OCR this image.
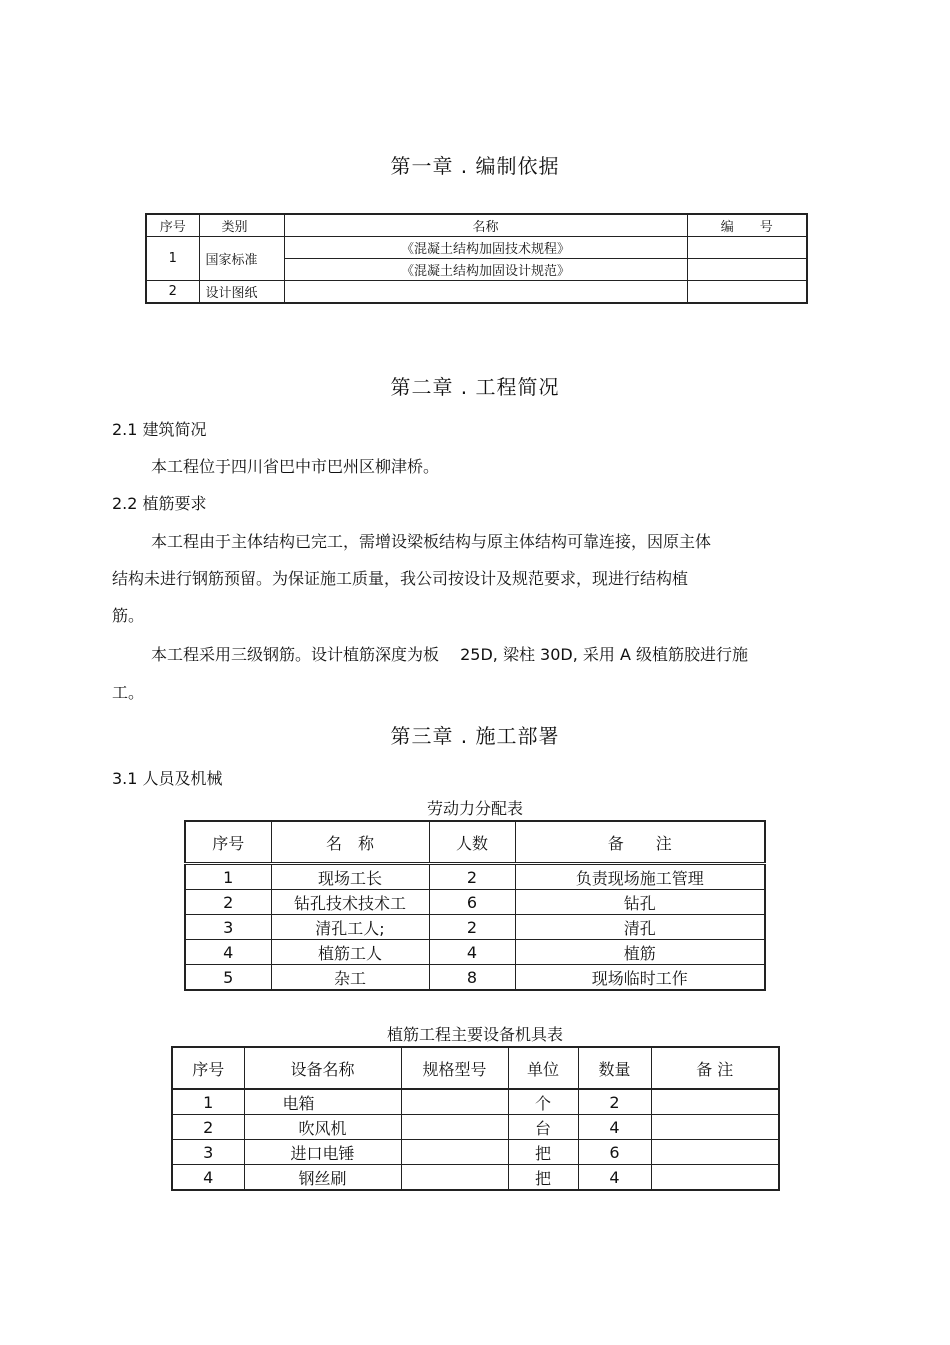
第一章 . 编制依据
序号	类别	名称	编　　号
1	国家标准	《混凝土结构加固技术规程》	
		《混凝土结构加固设计规范》	
2	设计图纸		
第二章 . 工程简况
2.1 建筑简况
本工程位于四川省巴中市巴州区柳津桥。
2.2 植筋要求
本工程由于主体结构已完工，需增设梁板结构与原主体结构可靠连接，因原主体
结构未进行钢筋预留。为保证施工质量，我公司按设计及规范要求，现进行结构植
筋。
本工程采用三级钢筋。设计植筋深度为板　 25D, 梁柱 30D, 采用 A 级植筋胶进行施
工。
第三章 . 施工部署
3.1 人员及机械
劳动力分配表
序号	名　称	人数	备　　注
1	现场工长	2	负责现场施工管理
2	钻孔技术技术工	6	钻孔
3	清孔工人;	2	清孔
4	植筋工人	4	植筋
5	杂工	8	现场临时工作
植筋工程主要设备机具表
序号	设备名称	规格型号	单位	数量	备 注
1	电箱		个	2	
2	吹风机		台	4	
3	进口电锤		把	6	
4	钢丝刷		把	4	
